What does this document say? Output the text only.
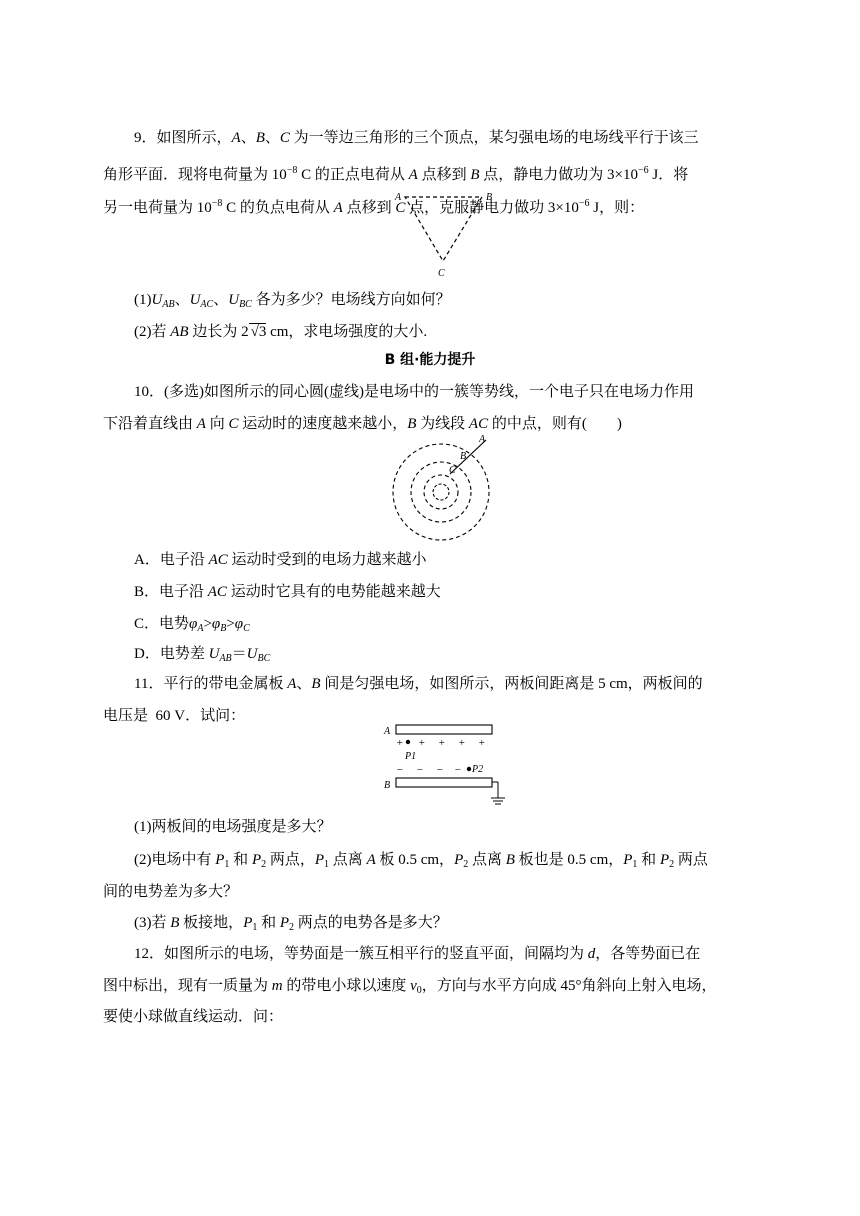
9．如图所示，A、B、C 为一等边三角形的三个顶点，某匀强电场的电场线平行于该三
角形平面．现将电荷量为 $10^{-8}$ C 的正点电荷从 A 点移到 B 点，静电力做功为 $3\times 10^{-6}$ J．将
另一电荷量为 $10^{-8}$ C 的负点电荷从 A 点移到 C 点，克服静电力做功 $3\times 10^{-6}$ J，则：
A	B
C
$(1)U_{AB}$、$U_{AC}$、$U_{BC}$ 各为多少？电场线方向如何？
(2)若 AB 边长为 2 √3 cm，求电场强度的大小.
B 组·能力提升
10．(多选)如图所示的同心圆(虚线)是电场中的一簇等势线，一个电子只在电场力作用
下沿着直线由 A 向 C 运动时的速度越来越小，B 为线段 AC 的中点，则有(　　)
A
B
C
A．电子沿 AC 运动时受到的电场力越来越小
B．电子沿 AC 运动时它具有的电势能越来越大
C．电势$\varphi_A>\varphi_B>\varphi_C$
D．电势差 $U_{AB}=U_{BC}$
11．平行的带电金属板 A、B 间是匀强电场，如图所示，两板间距离是 5 cm，两板间的
电压是  60 V．试问：
A
+ + + + +
P1
− − − − P2
B
(1)两板间的电场强度是多大？
(2)电场中有 $P_1$ 和 $P_2$ 两点，$P_1$ 点离 A 板 0.5 cm，$P_2$ 点离 B 板也是 0.5 cm，$P_1$ 和 $P_2$ 两点
间的电势差为多大？
(3)若 B 板接地，$P_1$ 和 $P_2$ 两点的电势各是多大？
12．如图所示的电场，等势面是一簇互相平行的竖直平面，间隔均为 d，各等势面已在
图中标出，现有一质量为 m 的带电小球以速度 $v_0$，方向与水平方向成 45°角斜向上射入电场，
要使小球做直线运动．问：
